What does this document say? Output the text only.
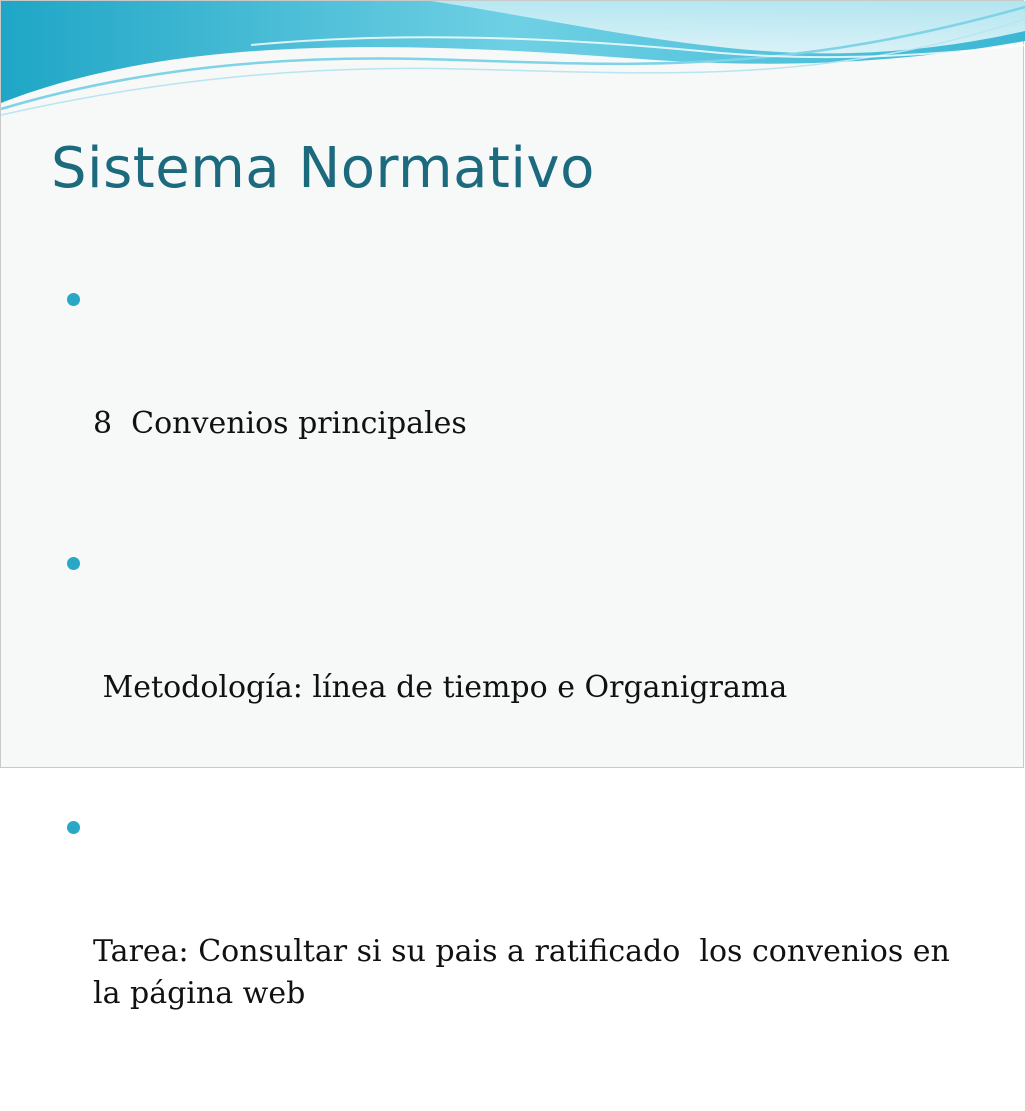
Sistema Normativo

8  Convenios principales

Metodología: línea de tiempo e Organigrama

Tarea: Consultar si su pais a ratificado  los convenios en la página web
